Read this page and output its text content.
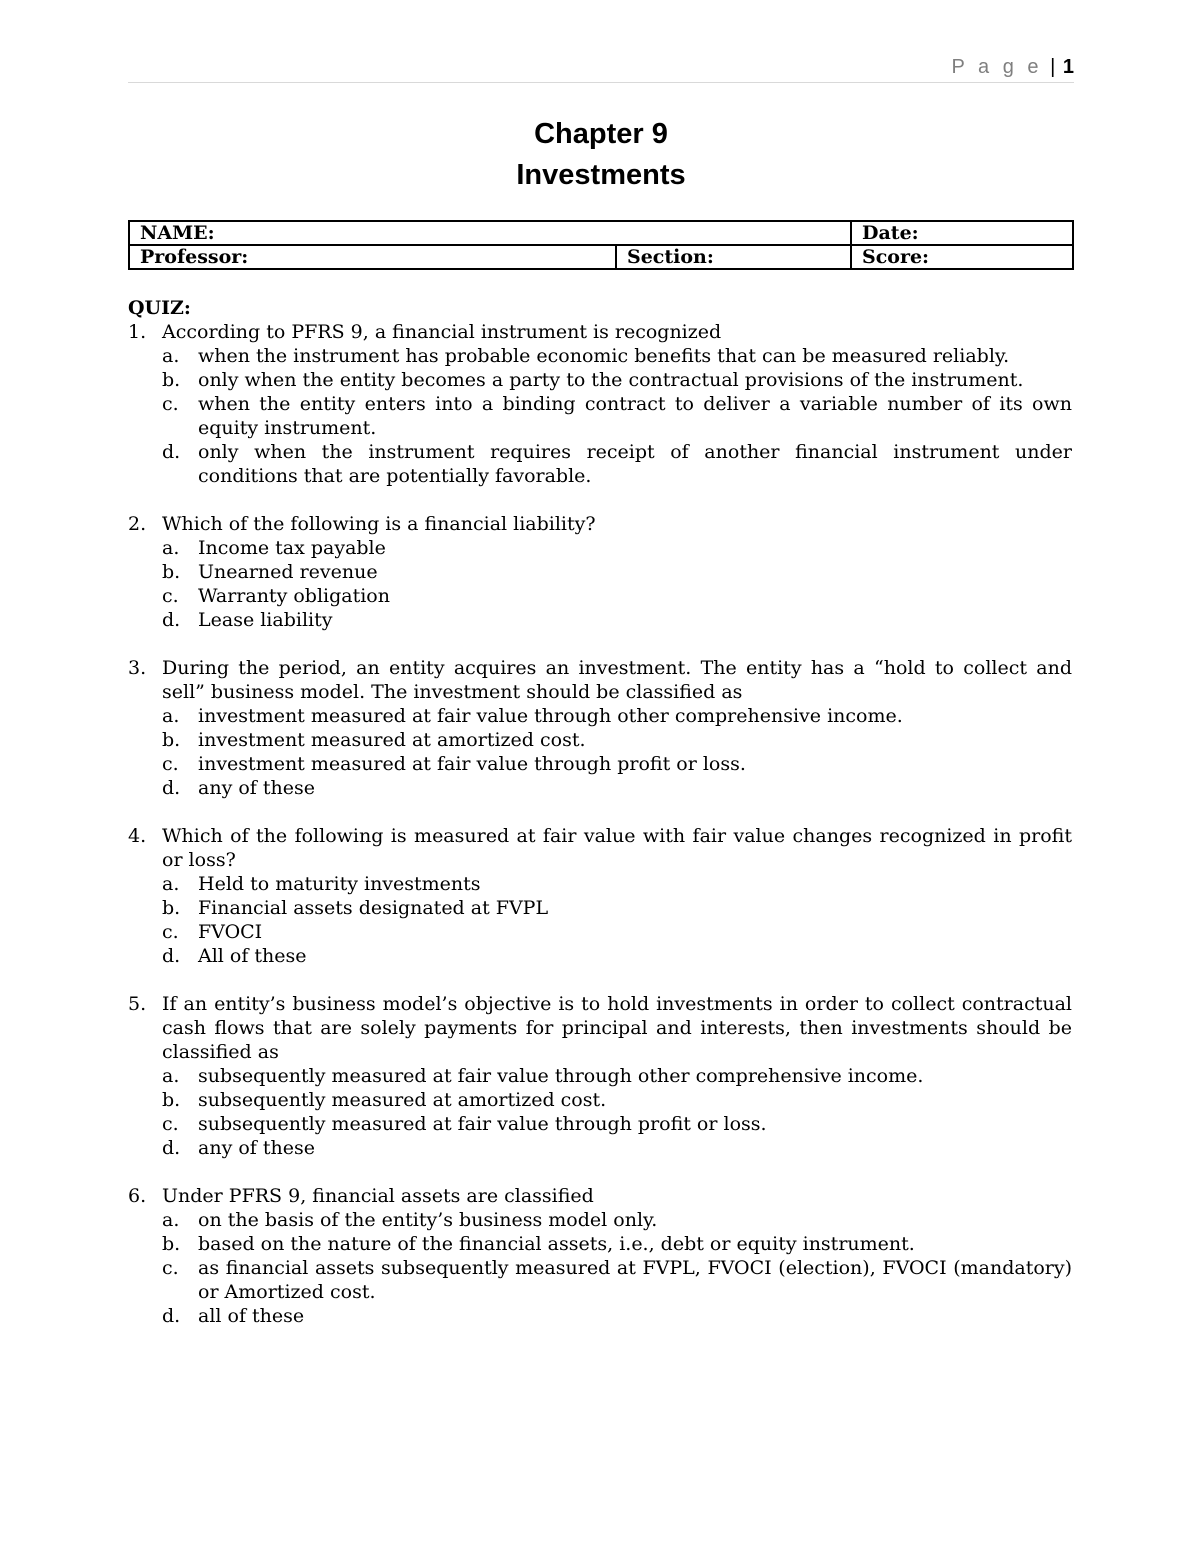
P a g e | 1
Chapter 9
Investments
NAME:		Date:
Professor:	Section:	Score:
QUIZ:
1. According to PFRS 9, a financial instrument is recognized
a. when the instrument has probable economic benefits that can be measured reliably.
b. only when the entity becomes a party to the contractual provisions of the instrument.
c.	when the entity enters into a binding contract to deliver a variable number of its own equity instrument.
d. only when the instrument requires receipt of another financial instrument under conditions that are potentially favorable.
2. Which of the following is a financial liability?
a. Income tax payable
b. Unearned revenue
c.	Warranty obligation
d. Lease liability
3. During the period, an entity acquires an investment. The entity has a “hold to collect and sell” business model. The investment should be classified as
a. investment measured at fair value through other comprehensive income.
b. investment measured at amortized cost.
c.	investment measured at fair value through profit or loss.
d. any of these
4. Which of the following is measured at fair value with fair value changes recognized in profit or loss?
a. Held to maturity investments
b. Financial assets designated at FVPL
c.	FVOCI
d. All of these
5. If an entity’s business model’s objective is to hold investments in order to collect contractual cash flows that are solely payments for principal and interests, then investments should be classified as
a. subsequently measured at fair value through other comprehensive income.
b. subsequently measured at amortized cost.
c.	subsequently measured at fair value through profit or loss.
d. any of these
6. Under PFRS 9, financial assets are classified
a. on the basis of the entity’s business model only.
b. based on the nature of the financial assets, i.e., debt or equity instrument.
c.	as financial assets subsequently measured at FVPL, FVOCI (election), FVOCI (mandatory) or Amortized cost.
d. all of these
